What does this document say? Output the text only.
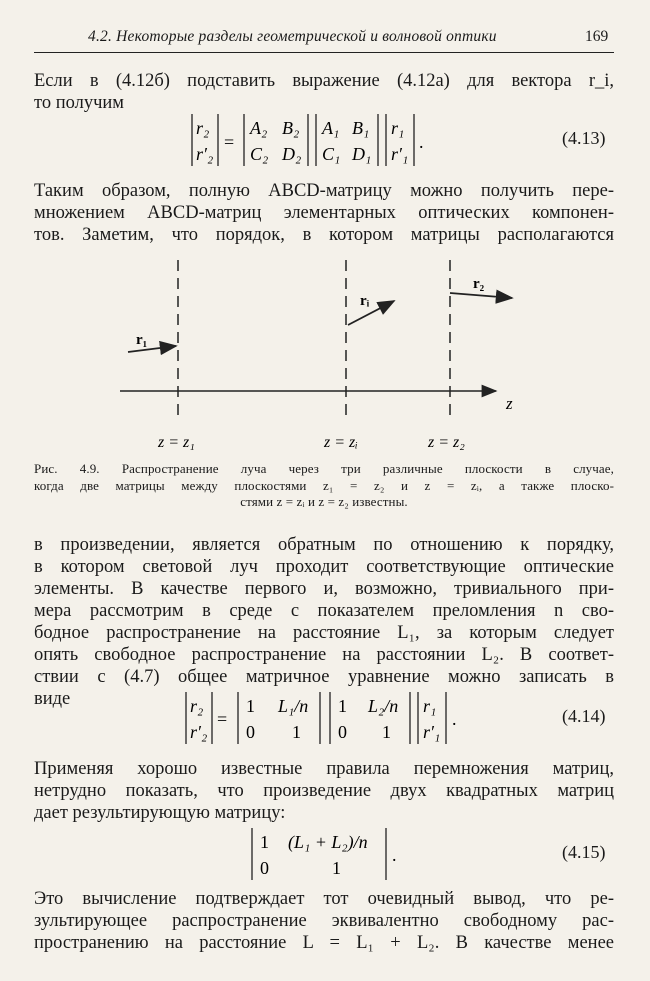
4.2. Некоторые разделы геометрической и волновой оптики	169
Если в (4.12б) подставить выражение (4.12а) для вектора r_i,
то получим
r₂
r′₂
=
A₂ B₂
C₂ D₂
A₁ B₁
C₁ D₁
r₁
r′₁
.	(4.13)
Таким образом, полную ABCD-матрицу можно получить пере-
множением ABCD-матриц элементарных оптических компонен-
тов. Заметим, что порядок, в котором матрицы располагаются
z
r₁
rᵢ
r₂
z = z₁	z = zᵢ	z = z₂
Рис. 4.9. Распространение луча через три различные плоскости в случае,
когда две матрицы между плоскостями z₁ = z₂ и z = zᵢ, а также плоско-
стями z = zᵢ и z = z₂ известны.
в произведении, является обратным по отношению к порядку,
в котором световой луч проходит соответствующие оптические
элементы. В качестве первого и, возможно, тривиального при-
мера рассмотрим в среде с показателем преломления n сво-
бодное распространение на расстояние L₁, за которым следует
опять свободное распространение на расстоянии L₂. В соответ-
ствии с (4.7) общее матричное уравнение можно записать в
виде	r₂
r′₂
=
1 L₁/n
0 1
1 L₂/n
0 1
r₁
r′₁
.	(4.14)
Применяя хорошо известные правила перемножения матриц,
нетрудно показать, что произведение двух квадратных матриц
дает результирующую матрицу:
1 (L₁ + L₂)/n
0	1
.	(4.15)
Это вычисление подтверждает тот очевидный вывод, что ре-
зультирующее распространение эквивалентно свободному рас-
пространению на расстояние L = L₁ + L₂. В качестве менее
